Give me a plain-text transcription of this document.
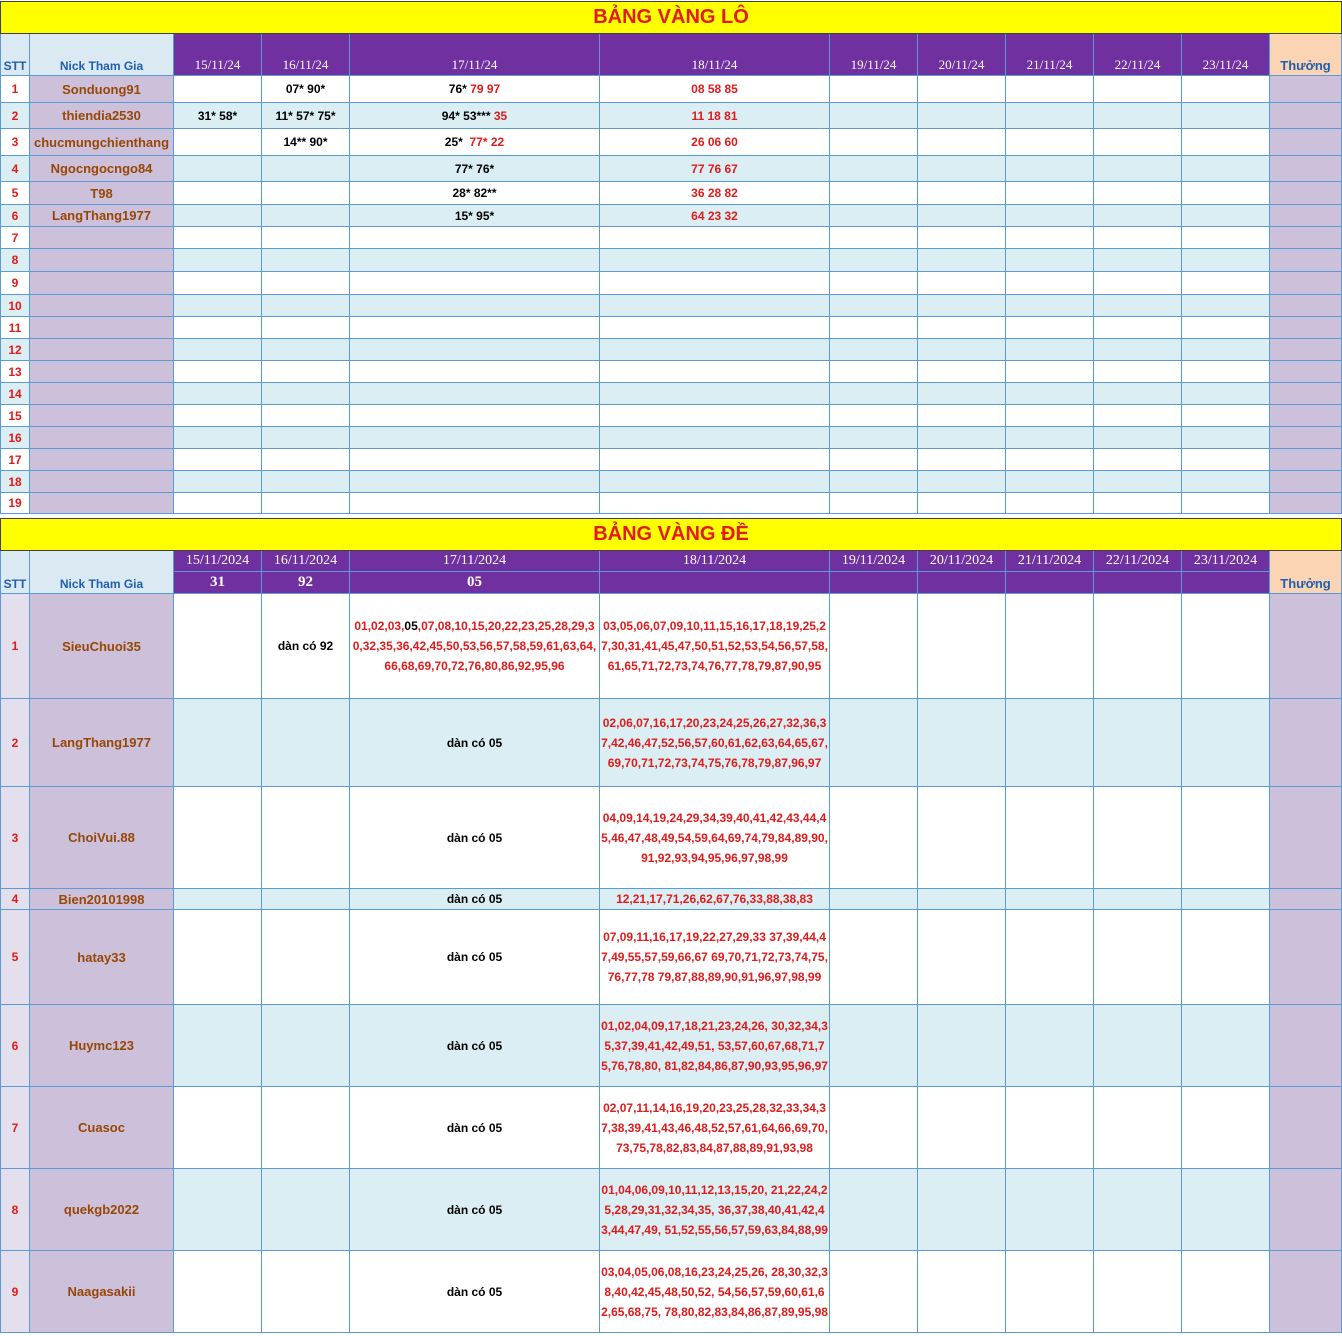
BẢNG VÀNG LÔ											
STT	Nick Tham Gia	15/11/24	16/11/24	17/11/24	18/11/24	19/11/24	20/11/24	21/11/24	22/11/24	23/11/24	Thưởng
1	Sonduong91		07* 90*	76* 79 97	08 58 85						
2	thiendia2530	31* 58*	11* 57* 75*	94* 53*** 35	11 18 81						
3	chucmungchienthang		14** 90*	25*  77* 22	26 06 60						
4	Ngocngocngo84			77* 76*	77 76 67						
5	T98			28* 82**	36 28 82						
6	LangThang1977			15* 95*	64 23 32						
7											
8											
9											
10											
11											
12											
13											
14											
15											
16											
17											
18											
19											
BẢNG VÀNG ĐỀ											
STT	Nick Tham Gia	15/11/2024	16/11/2024	17/11/2024	18/11/2024	19/11/2024	20/11/2024	21/11/2024	22/11/2024	23/11/2024	Thưởng
		31	92	05							
1	SieuChuoi35		dàn có 92	01,02,03,05,07,08,10,15,20,22,23,25,28,29,30,32,35,36,42,45,50,53,56,57,58,59,61,63,64,66,68,69,70,72,76,80,86,92,95,96	03,05,06,07,09,10,11,15,16,17,18,19,25,27,30,31,41,45,47,50,51,52,53,54,56,57,58,61,65,71,72,73,74,76,77,78,79,87,90,95						
2	LangThang1977			dàn có 05	02,06,07,16,17,20,23,24,25,26,27,32,36,37,42,46,47,52,56,57,60,61,62,63,64,65,67,69,70,71,72,73,74,75,76,78,79,87,96,97						
3	ChoiVui.88			dàn có 05	04,09,14,19,24,29,34,39,40,41,42,43,44,45,46,47,48,49,54,59,64,69,74,79,84,89,90,91,92,93,94,95,96,97,98,99						
4	Bien20101998			dàn có 05	12,21,17,71,26,62,67,76,33,88,38,83						
5	hatay33			dàn có 05	07,09,11,16,17,19,22,27,29,33 37,39,44,47,49,55,57,59,66,67 69,70,71,72,73,74,75,76,77,78 79,87,88,89,90,91,96,97,98,99						
6	Huymc123			dàn có 05	01,02,04,09,17,18,21,23,24,26, 30,32,34,35,37,39,41,42,49,51, 53,57,60,67,68,71,75,76,78,80, 81,82,84,86,87,90,93,95,96,97						
7	Cuasoc			dàn có 05	02,07,11,14,16,19,20,23,25,28,32,33,34,37,38,39,41,43,46,48,52,57,61,64,66,69,70,73,75,78,82,83,84,87,88,89,91,93,98						
8	quekgb2022			dàn có 05	01,04,06,09,10,11,12,13,15,20, 21,22,24,25,28,29,31,32,34,35, 36,37,38,40,41,42,43,44,47,49, 51,52,55,56,57,59,63,84,88,99						
9	Naagasakii			dàn có 05	03,04,05,06,08,16,23,24,25,26, 28,30,32,38,40,42,45,48,50,52, 54,56,57,59,60,61,62,65,68,75, 78,80,82,83,84,86,87,89,95,98						
